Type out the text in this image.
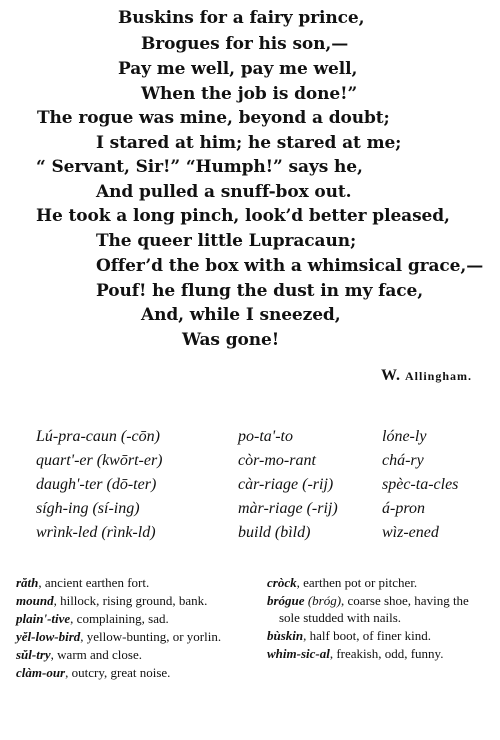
Buskins for a fairy prince,
Brogues for his son,—
Pay me well, pay me well,
When the job is done!”
The rogue was mine, beyond a doubt;
I stared at him; he stared at me;
“ Servant, Sir!” “Humph!” says he,
And pulled a snuff-box out.
He took a long pinch, look’d better pleased,
The queer little Lupracaun;
Offer’d the box with a whimsical grace,—
Pouf! he flung the dust in my face,
And, while I sneezed,
Was gone!
W. Allingham.
Lú-pra-caun (-cōn)	po-ta'-to	lóne-ly
quart'-er (kwōrt-er)	còr-mo-rant	chá-ry
daugh'-ter (dō-ter)	càr-riage (-rij)	spèc-ta-cles
sígh-ing (sí-ing)	màr-riage (-rij)	á-pron
wrìnk-led (rìnk-ld)	build (bìld)	wìz-ened
răth, ancient earthen fort.
mound, hillock, rising ground, bank.
plain'-tive, complaining, sad.
yĕl-low-bird, yellow-bunting, or yorlin.
sŭl-try, warm and close.
clàm-our, outcry, great noise.
cròck, earthen pot or pitcher.
brógue (bróg), coarse shoe, having the sole studded with nails.
bùskin, half boot, of finer kind.
whim-sic-al, freakish, odd, funny.
